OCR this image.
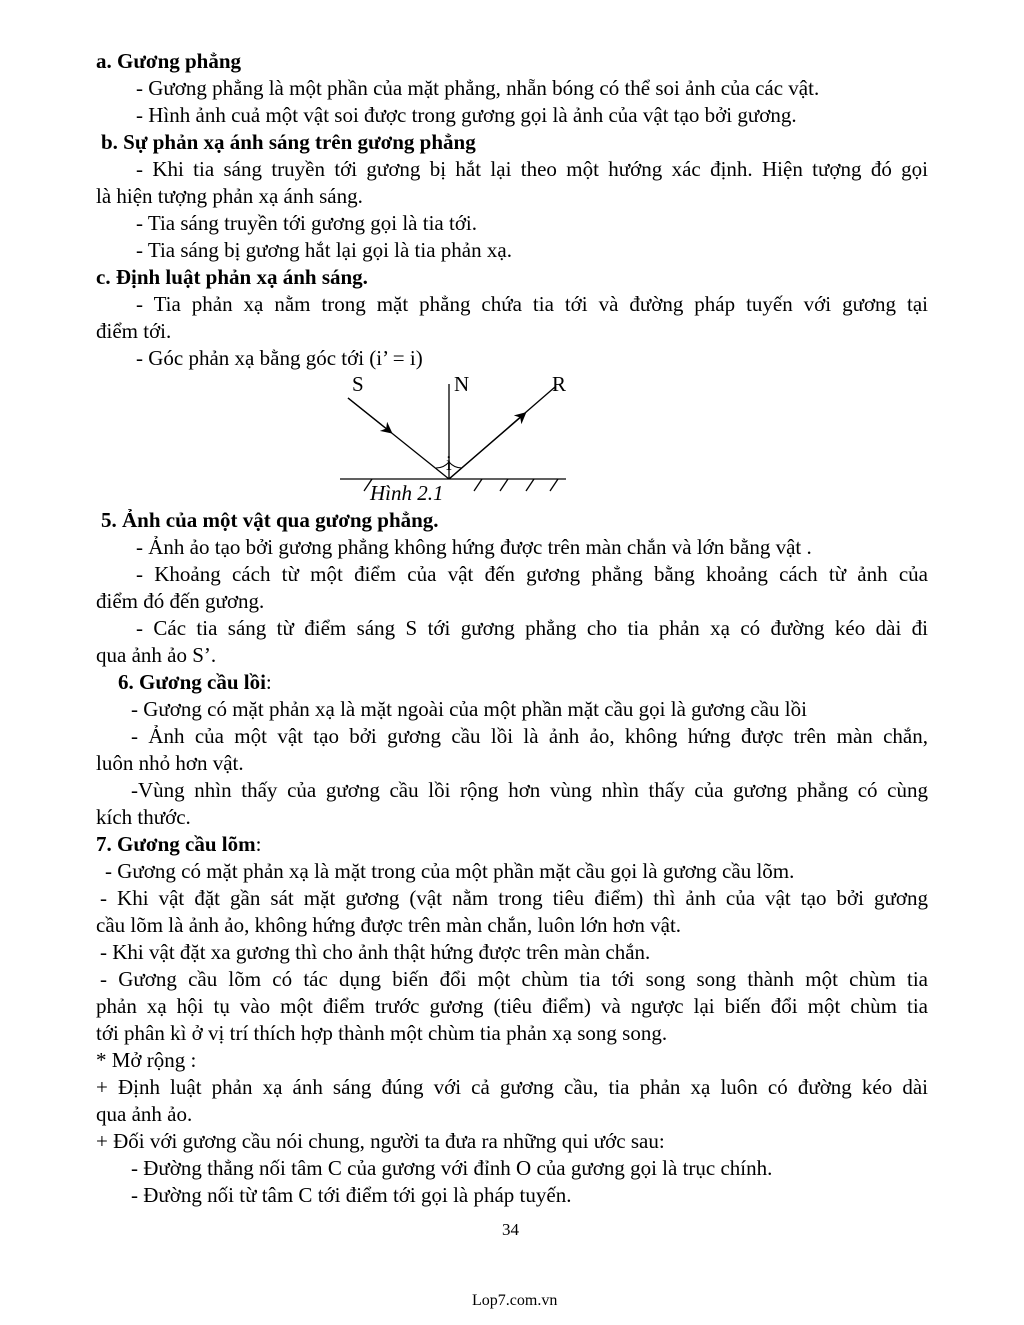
a. Gương phẳng
- Gương phẳng là một phần của mặt phẳng, nhẵn bóng có thể soi ảnh của các vật.
- Hình ảnh cuả một vật soi được trong gương gọi là ảnh của vật tạo bởi gương.
b. Sự phản xạ ánh sáng trên gương phẳng
- Khi tia sáng truyền tới gương bị hắt lại theo một hướng xác định. Hiện tượng đó gọi
là hiện tượng phản xạ ánh sáng.
- Tia sáng truyền tới gương gọi là tia tới.
- Tia sáng bị gương hắt lại gọi là tia phản xạ.
c. Định luật phản xạ ánh sáng.
- Tia phản xạ nằm trong mặt phẳng chứa tia tới và đường pháp tuyến với gương tại
điểm tới.
- Góc phản xạ bằng góc tới (i’ = i)
S	N	R
i
Hình 2.1
5. Ảnh của một vật qua gương phẳng.
- Ảnh ảo tạo bởi gương phẳng không hứng được trên màn chắn và lớn bằng vật .
- Khoảng cách từ một điểm của vật đến gương phẳng bằng khoảng cách từ ảnh của
điểm đó đến gương.
- Các tia sáng từ điểm sáng S tới gương phẳng cho tia phản xạ có đường kéo dài đi
qua ảnh ảo S’.
6. Gương cầu lồi:
- Gương có mặt phản xạ là mặt ngoài của một phần mặt cầu gọi là gương cầu lồi
- Ảnh của một vật tạo bởi gương cầu lồi là ảnh ảo, không hứng được trên màn chắn,
luôn nhỏ hơn vật.
-Vùng nhìn thấy của gương cầu lồi rộng hơn vùng nhìn thấy của gương phẳng có cùng
kích thước.
7. Gương cầu lõm:
- Gương có mặt phản xạ là mặt trong của một phần mặt cầu gọi là gương cầu lõm.
- Khi vật đặt gần sát mặt gương (vật nằm trong tiêu điểm) thì ảnh của vật tạo bởi gương
cầu lõm là ảnh ảo, không hứng được trên màn chắn, luôn lớn hơn vật.
- Khi vật đặt xa gương thì cho ảnh thật hứng được trên màn chắn.
- Gương cầu lõm có tác dụng biến đổi một chùm tia tới song song thành một chùm tia
phản xạ hội tụ vào một điểm trước gương (tiêu điểm) và ngược lại biến đổi một chùm tia
tới phân kì ở vị trí thích hợp thành một chùm tia phản xạ song song.
* Mở rộng :
+ Định luật phản xạ ánh sáng đúng với cả gương cầu, tia phản xạ luôn có đường kéo dài
qua ảnh ảo.
+ Đối với gương cầu nói chung, người ta đưa ra những qui ước sau:
- Đường thẳng nối tâm C của gương với đỉnh O của gương gọi là trục chính.
- Đường nối từ tâm C tới điểm tới gọi là pháp tuyến.
34
Lop7.com.vn
